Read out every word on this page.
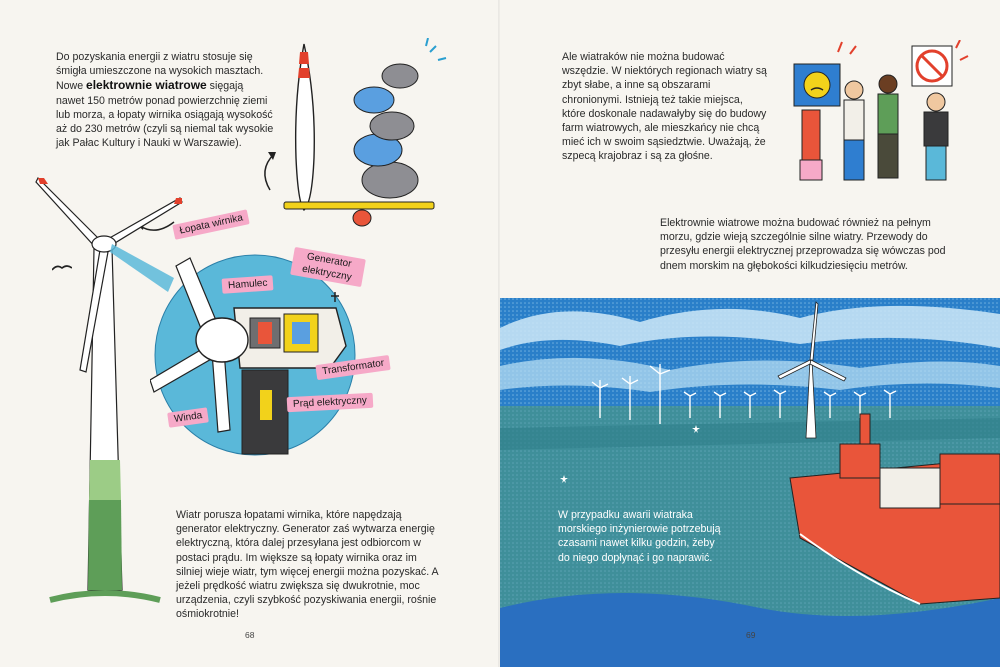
Do pozyskania energii z wiatru stosuje się śmigła umieszczone na wysokich masztach. Nowe elektrownie wiatrowe sięgają nawet 150 metrów ponad powierzchnię ziemi lub morza, a łopaty wirnika osiągają wysokość aż do 230 metrów (czyli są niemal tak wysokie jak Pałac Kultury i Nauki w Warszawie).
Łopata wirnika
Hamulec
Generator elektryczny
Transformator
Prąd elektryczny
Winda
Wiatr porusza łopatami wirnika, które napędzają generator elektryczny. Generator zaś wytwarza energię elektryczną, która dalej przesyłana jest odbiorcom w postaci prądu. Im większe są łopaty wirnika oraz im silniej wieje wiatr, tym więcej energii można pozyskać. A jeżeli prędkość wiatru zwiększa się dwukrotnie, moc urządzenia, czyli szybkość pozyskiwania energii, rośnie ośmiokrotnie!
68
Ale wiatraków nie można budować wszędzie. W niektórych regionach wiatry są zbyt słabe, a inne są obszarami chronionymi. Istnieją też takie miejsca, które doskonale nadawałyby się do budowy farm wiatrowych, ale mieszkańcy nie chcą mieć ich w swoim sąsiedztwie. Uważają, że szpecą krajobraz i są za głośne.
Elektrownie wiatrowe można budować również na pełnym morzu, gdzie wieją szczególnie silne wiatry. Przewody do przesyłu energii elektrycznej przeprowadza się wówczas pod dnem morskim na głębokości kilkudziesięciu metrów.
W przypadku awarii wiatraka morskiego inżynierowie potrzebują czasami nawet kilku godzin, żeby do niego dopłynąć i go naprawić.
69
